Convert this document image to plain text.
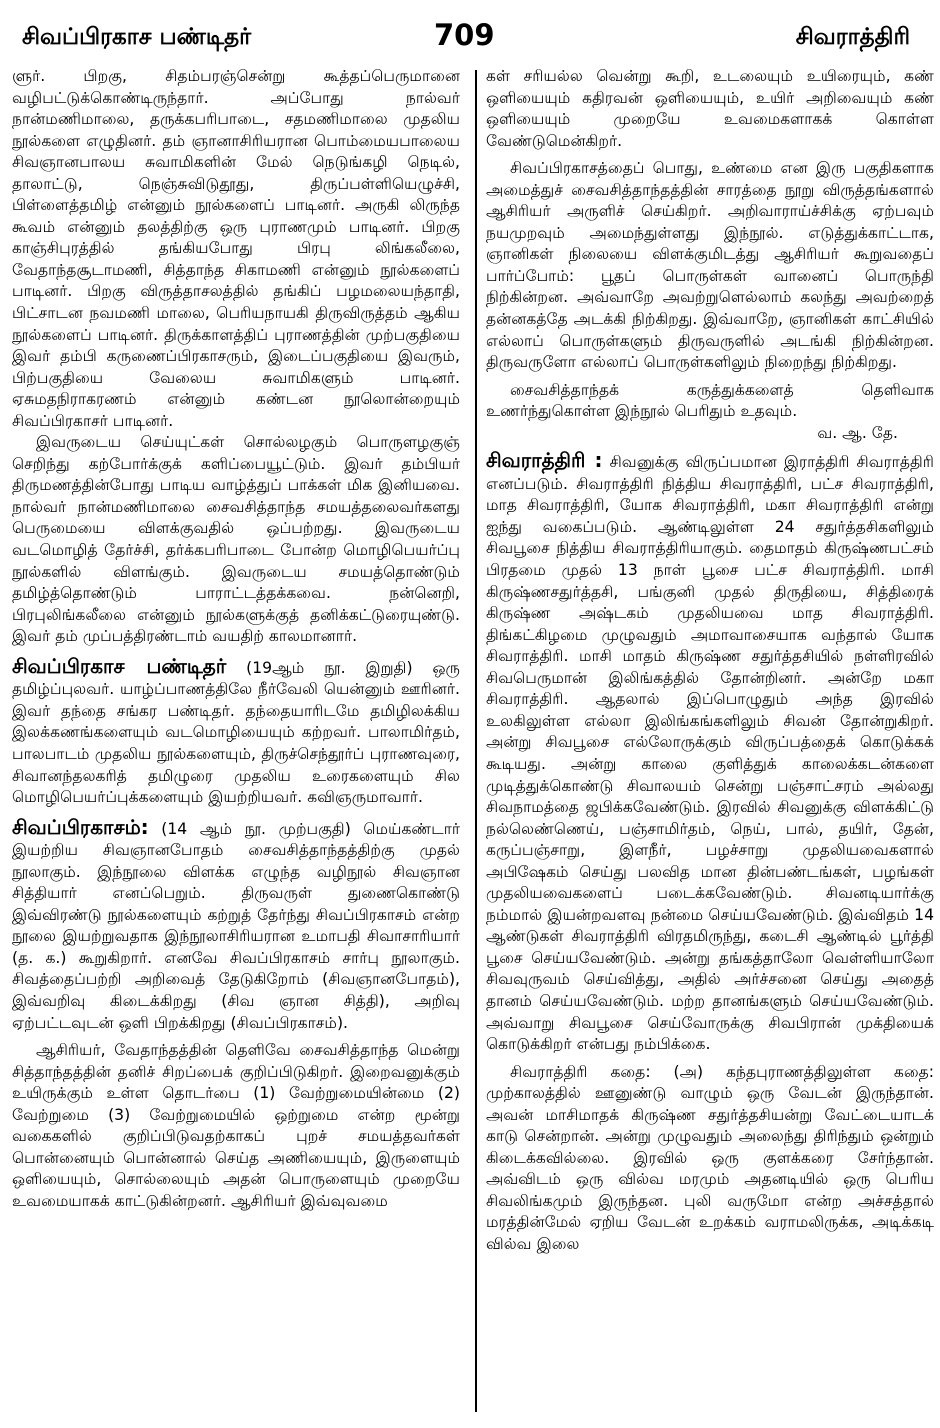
சிவப்பிரகாச பண்டிதர்	709	சிவராத்திரி

ளுர். பிறகு, சிதம்பரஞ்சென்று கூத்தப்பெருமானை வழிபட்டுக்கொண்டிருந்தார். அப்போது நால்வர் நான்மணிமாலை, தருக்கபரிபாடை, சதமணிமாலை முதலிய நூல்களை எழுதினர். தம் ஞானாசிரியரான பொம்மையபாலைய சிவஞானபாலய சுவாமிகளின் மேல் நெடுங்கழி நெடில், தாலாட்டு, நெஞ்சுவிடுதூது, திருப்பள்ளியெழுச்சி, பிள்ளைத்தமிழ் என்னும் நூல்களைப் பாடினர். அருகி லிருந்த கூவம் என்னும் தலத்திற்கு ஒரு புராணமும் பாடினர். பிறகு காஞ்சிபுரத்தில் தங்கியபோது பிரபு லிங்கலீலை, வேதாந்தசூடாமணி, சித்தாந்த சிகாமணி என்னும் நூல்களைப் பாடினர். பிறகு விருத்தாசலத்தில் தங்கிப் பழமலையந்தாதி, பிட்சாடன நவமணி மாலை, பெரியநாயகி திருவிருத்தம் ஆகிய நூல்களைப் பாடினர். திருக்காளத்திப் புராணத்தின் முற்பகுதியை இவர் தம்பி கருணைப்பிரகாசரும், இடைப்பகுதியை இவரும், பிற்பகுதியை வேலைய சுவாமிகளும் பாடினர். ஏசுமதநிராகரணம் என்னும் கண்டன நூலொன்றையும் சிவப்பிரகாசர் பாடினர்.

இவருடைய செய்யுட்கள் சொல்லழகும் பொருளழகுஞ் செறிந்து கற்போர்க்குக் களிப்பையூட்டும். இவர் தம்பியர் திருமணத்தின்போது பாடிய வாழ்த்துப் பாக்கள் மிக இனியவை. நால்வர் நான்மணிமாலை சைவசித்தாந்த சமயத்தலைவர்களது பெருமையை விளக்குவதில் ஒப்பற்றது. இவருடைய வடமொழித் தேர்ச்சி, தர்க்கபரிபாடை போன்ற மொழிபெயர்ப்பு நூல்களில் விளங்கும். இவருடைய சமயத்தொண்டும் தமிழ்த்தொண்டும் பாராட்டத்தக்கவை. நன்னெறி, பிரபுலிங்கலீலை என்னும் நூல்களுக்குத் தனிக்கட்டுரையுண்டு. இவர் தம் முப்பத்திரண்டாம் வயதிற் காலமானார்.

சிவப்பிரகாச பண்டிதர் (19ஆம் நூ. இறுதி) ஒரு தமிழ்ப்புலவர். யாழ்ப்பாணத்திலே நீர்வேலி யென்னும் ஊரினர். இவர் தந்தை சங்கர பண்டிதர். தந்தையாரிடமே தமிழிலக்கிய இலக்கணங்களையும் வடமொழியையும் கற்றவர். பாலாமிர்தம், பாலபாடம் முதலிய நூல்களையும், திருச்செந்தூர்ப் புராணவுரை, சிவானந்தலகரித் தமிழுரை முதலிய உரைகளையும் சில மொழிபெயர்ப்புக்களையும் இயற்றியவர். கவிஞருமாவார்.

சிவப்பிரகாசம்: (14 ஆம் நூ. முற்பகுதி) மெய்கண்டார் இயற்றிய சிவஞானபோதம் சைவசித்தாந்தத்திற்கு முதல் நூலாகும். இந்நூலை விளக்க எழுந்த வழிநூல் சிவஞான சித்தியார் எனப்பெறும். திருவருள் துணைகொண்டு இவ்விரண்டு நூல்களையும் கற்றுத் தேர்ந்து சிவப்பிரகாசம் என்ற நூலை இயற்றுவதாக இந்நூலாசிரியரான உமாபதி சிவாசாரியார் (த. க.) கூறுகிறார். எனவே சிவப்பிரகாசம் சார்பு நூலாகும். சிவத்தைப்பற்றி அறிவைத் தேடுகிறோம் (சிவஞானபோதம்), இவ்வறிவு கிடைக்கிறது (சிவ ஞான சித்தி), அறிவு ஏற்பட்டவுடன் ஒளி பிறக்கிறது (சிவப்பிரகாசம்).

ஆசிரியர், வேதாந்தத்தின் தெளிவே சைவசித்தாந்த மென்று சித்தாந்தத்தின் தனிச் சிறப்பைக் குறிப்பிடுகிறர். இறைவனுக்கும் உயிருக்கும் உள்ள தொடர்பை (1) வேற்றுமையின்மை (2) வேற்றுமை (3) வேற்றுமையில் ஒற்றுமை என்ற மூன்று வகைகளில் குறிப்பிடுவதற்காகப் புறச் சமயத்தவர்கள் பொன்னையும் பொன்னால் செய்த அணியையும், இருளையும் ஒளியையும், சொல்லையும் அதன் பொருளையும் முறையே உவமையாகக் காட்டுகின்றனர். ஆசிரியர் இவ்வுவமை

கள் சரியல்ல வென்று கூறி, உடலையும் உயிரையும், கண் ஒளியையும் கதிரவன் ஒளியையும், உயிர் அறிவையும் கண் ஒளியையும் முறையே உவமைகளாகக் கொள்ள வேண்டுமென்கிறர்.

சிவப்பிரகாசத்தைப் பொது, உண்மை என இரு பகுதிகளாக அமைத்துச் சைவசித்தாந்தத்தின் சாரத்தை நூறு விருத்தங்களால் ஆசிரியர் அருளிச் செய்கிறர். அறிவாராய்ச்சிக்கு ஏற்பவும் நயமுறவும் அமைந்துள்ளது இந்நூல். எடுத்துக்காட்டாக, ஞானிகள் நிலையை விளக்குமிடத்து ஆசிரியர் கூறுவதைப் பார்ப்போம்: பூதப் பொருள்கள் வானைப் பொருந்தி நிற்கின்றன. அவ்வாறே அவற்றுளெல்லாம் கலந்து அவற்றைத் தன்னகத்தே அடக்கி நிற்கிறது. இவ்வாறே, ஞானிகள் காட்சியில் எல்லாப் பொருள்களும் திருவருளில் அடங்கி நிற்கின்றன. திருவருளோ எல்லாப் பொருள்களிலும் நிறைந்து நிற்கிறது.

சைவசித்தாந்தக் கருத்துக்களைத் தெளிவாக உணர்ந்துகொள்ள இந்நூல் பெரிதும் உதவும்.
வ. ஆ. தே.

சிவராத்திரி : சிவனுக்கு விருப்பமான இராத்திரி சிவராத்திரி எனப்படும். சிவராத்திரி நித்திய சிவராத்திரி, பட்ச சிவராத்திரி, மாத சிவராத்திரி, யோக சிவராத்திரி, மகா சிவராத்திரி என்று ஐந்து வகைப்படும். ஆண்டிலுள்ள 24 சதுர்த்தசிகளிலும் சிவபூசை நித்திய சிவராத்திரியாகும். தைமாதம் கிருஷ்ணபட்சம் பிரதமை முதல் 13 நாள் பூசை பட்ச சிவராத்திரி. மாசி கிருஷ்ணசதுர்த்தசி, பங்குனி முதல் திருதியை, சித்திரைக் கிருஷ்ண அஷ்டகம் முதலியவை மாத சிவராத்திரி. திங்கட்கிழமை முழுவதும் அமாவாசையாக வந்தால் யோக சிவராத்திரி. மாசி மாதம் கிருஷ்ண சதுர்த்தசியில் நள்ளிரவில் சிவபெருமான் இலிங்கத்தில் தோன்றினர். அன்றே மகா சிவராத்திரி. ஆதலால் இப்பொழுதும் அந்த இரவில் உலகிலுள்ள எல்லா இலிங்கங்களிலும் சிவன் தோன்றுகிறர். அன்று சிவபூசை எல்லோருக்கும் விருப்பத்தைக் கொடுக்கக் கூடியது. அன்று காலை குளித்துக் காலைக்கடன்களை முடித்துக்கொண்டு சிவாலயம் சென்று பஞ்சாட்சரம் அல்லது சிவநாமத்தை ஜபிக்கவேண்டும். இரவில் சிவனுக்கு விளக்கிட்டு நல்லெண்ணெய், பஞ்சாமிர்தம், நெய், பால், தயிர், தேன், கருப்பஞ்சாறு, இளநீர், பழச்சாறு முதலியவைகளால் அபிஷேகம் செய்து பலவித மான தின்பண்டங்கள், பழங்கள் முதலியவைகளைப் படைக்கவேண்டும். சிவனடியார்க்கு நம்மால் இயன்றவளவு நன்மை செய்யவேண்டும். இவ்விதம் 14 ஆண்டுகள் சிவராத்திரி விரதமிருந்து, கடைசி ஆண்டில் பூர்த்தி பூசை செய்யவேண்டும். அன்று தங்கத்தாலோ வெள்ளியாலோ சிவவுருவம் செய்வித்து, அதில் அர்ச்சனை செய்து அதைத் தானம் செய்யவேண்டும். மற்ற தானங்களும் செய்யவேண்டும். அவ்வாறு சிவபூசை செய்வோருக்கு சிவபிரான் முக்தியைக் கொடுக்கிறர் என்பது நம்பிக்கை.

சிவராத்திரி கதை: (அ) கந்தபுராணத்திலுள்ள கதை: முற்காலத்தில் ஊனுண்டு வாழும் ஒரு வேடன் இருந்தான். அவன் மாசிமாதக் கிருஷ்ண சதுர்த்தசியன்று வேட்டையாடக் காடு சென்றான். அன்று முழுவதும் அலைந்து திரிந்தும் ஒன்றும் கிடைக்கவில்லை. இரவில் ஒரு குளக்கரை சேர்ந்தான். அவ்விடம் ஒரு வில்வ மரமும் அதனடியில் ஒரு பெரிய சிவலிங்கமும் இருந்தன. புலி வருமோ என்ற அச்சத்தால் மரத்தின்மேல் ஏறிய வேடன் உறக்கம் வராமலிருக்க, அடிக்கடி வில்வ இலை
